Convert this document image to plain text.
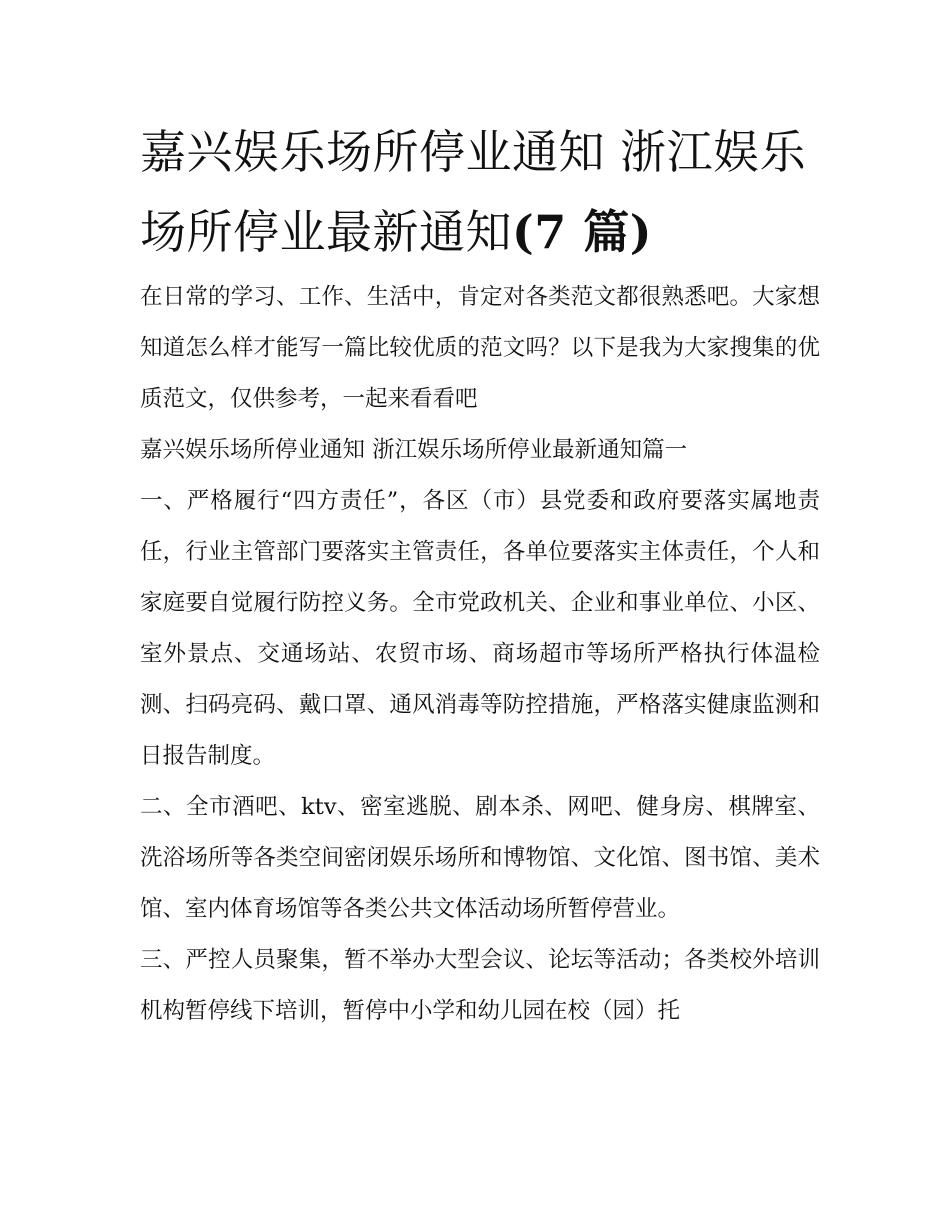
嘉兴娱乐场所停业通知 浙江娱乐场所停业最新通知(7 篇)

在日常的学习、工作、生活中，肯定对各类范文都很熟悉吧。大家想知道怎么样才能写一篇比较优质的范文吗？以下是我为大家搜集的优质范文，仅供参考，一起来看看吧

嘉兴娱乐场所停业通知 浙江娱乐场所停业最新通知篇一

一、严格履行“四方责任”，各区（市）县党委和政府要落实属地责任，行业主管部门要落实主管责任，各单位要落实主体责任，个人和家庭要自觉履行防控义务。全市党政机关、企业和事业单位、小区、室外景点、交通场站、农贸市场、商场超市等场所严格执行体温检测、扫码亮码、戴口罩、通风消毒等防控措施，严格落实健康监测和日报告制度。

二、全市酒吧、ktv、密室逃脱、剧本杀、网吧、健身房、棋牌室、洗浴场所等各类空间密闭娱乐场所和博物馆、文化馆、图书馆、美术馆、室内体育场馆等各类公共文体活动场所暂停营业。

三、严控人员聚集，暂不举办大型会议、论坛等活动；各类校外培训机构暂停线下培训，暂停中小学和幼儿园在校（园）托
